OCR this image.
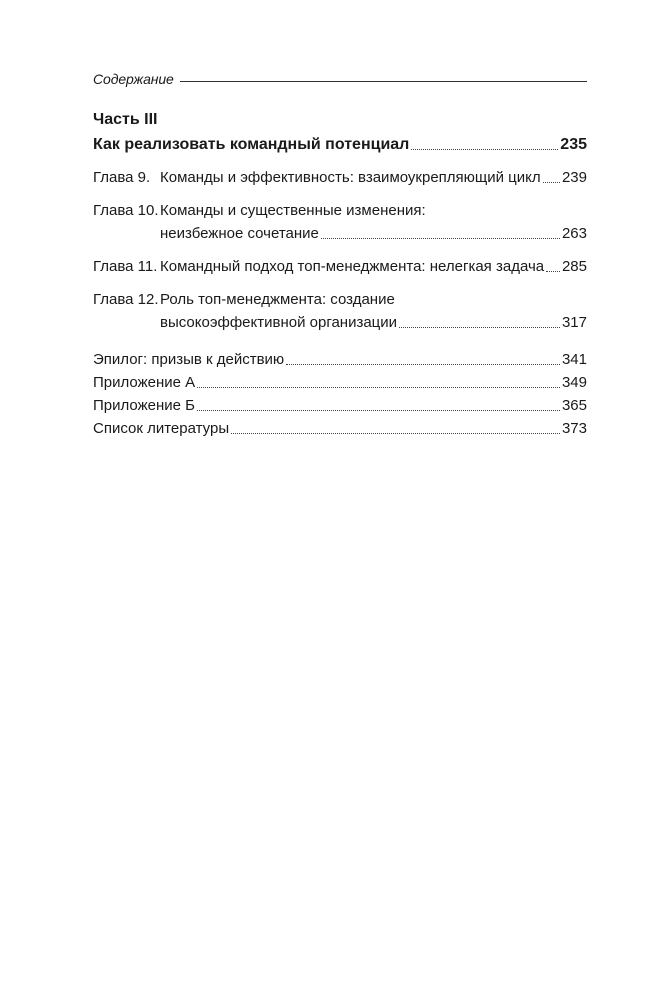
Содержание
Часть III
Как реализовать командный потенциал	235
Глава 9. Команды и эффективность: взаимоукрепляющий цикл 239
Глава 10. Команды и существенные изменения:
неизбежное сочетание	263
Глава 11. Командный подход топ-менеджмента: нелегкая задача 285
Глава 12. Роль топ-менеджмента: создание
высокоэффективной организации	317
Эпилог: призыв к действию	341
Приложение А	349
Приложение Б	365
Список литературы	373
